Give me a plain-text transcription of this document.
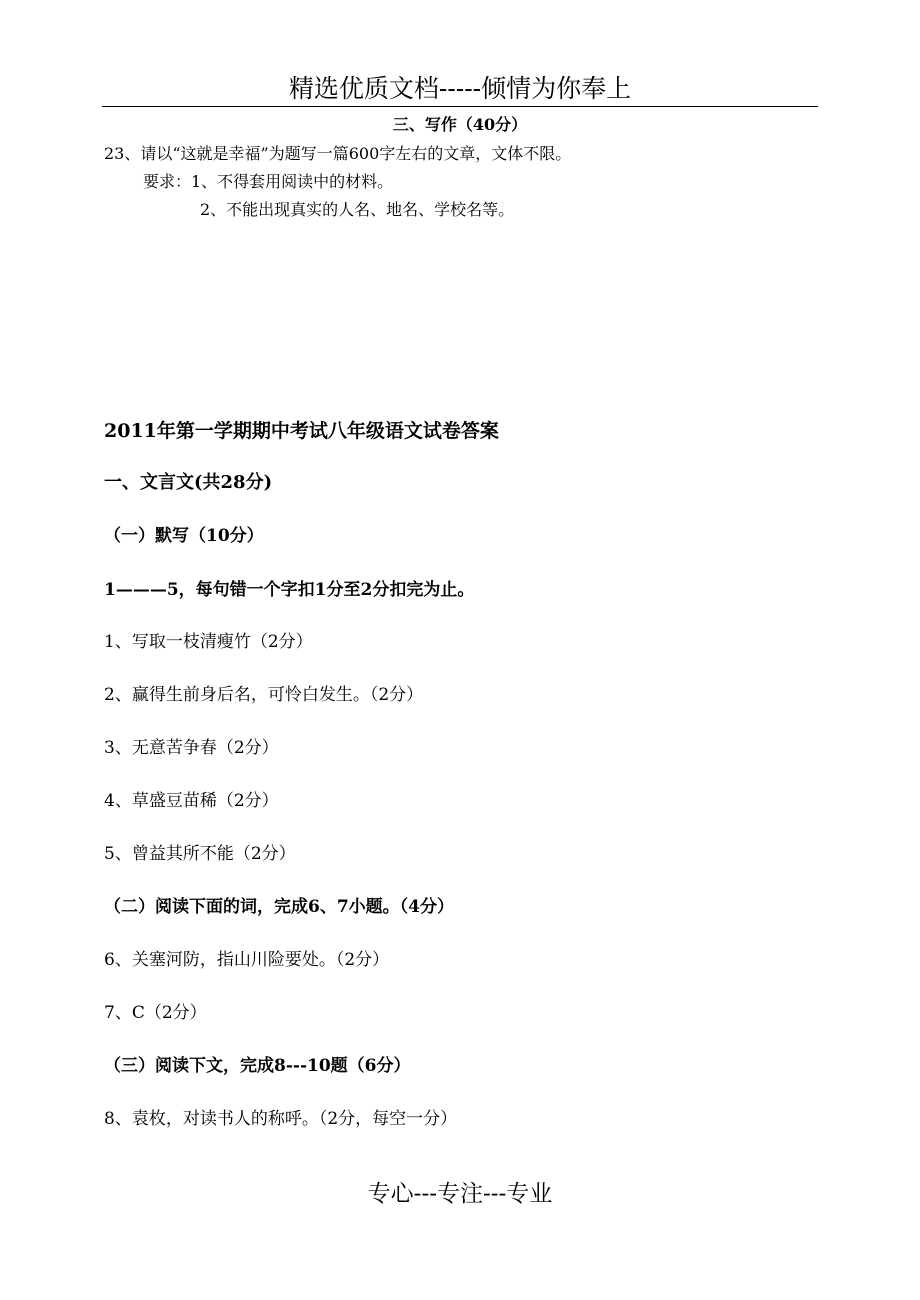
精选优质文档-----倾情为你奉上
三、写作（40分）
23、请以“这就是幸福”为题写一篇600字左右的文章，文体不限。
要求：1、不得套用阅读中的材料。
2、不能出现真实的人名、地名、学校名等。
2011年第一学期期中考试八年级语文试卷答案
一、文言文(共28分)
（一）默写（10分）
1———5，每句错一个字扣1分至2分扣完为止。
1、写取一枝清瘦竹（2分）
2、赢得生前身后名，可怜白发生。（2分）
3、无意苦争春（2分）
4、草盛豆苗稀（2分）
5、曾益其所不能（2分）
（二）阅读下面的词，完成6、7小题。（4分）
6、关塞河防，指山川险要处。（2分）
7、C（2分）
（三）阅读下文，完成8---10题（6分）
8、袁枚，对读书人的称呼。（2分，每空一分）
专心---专注---专业
